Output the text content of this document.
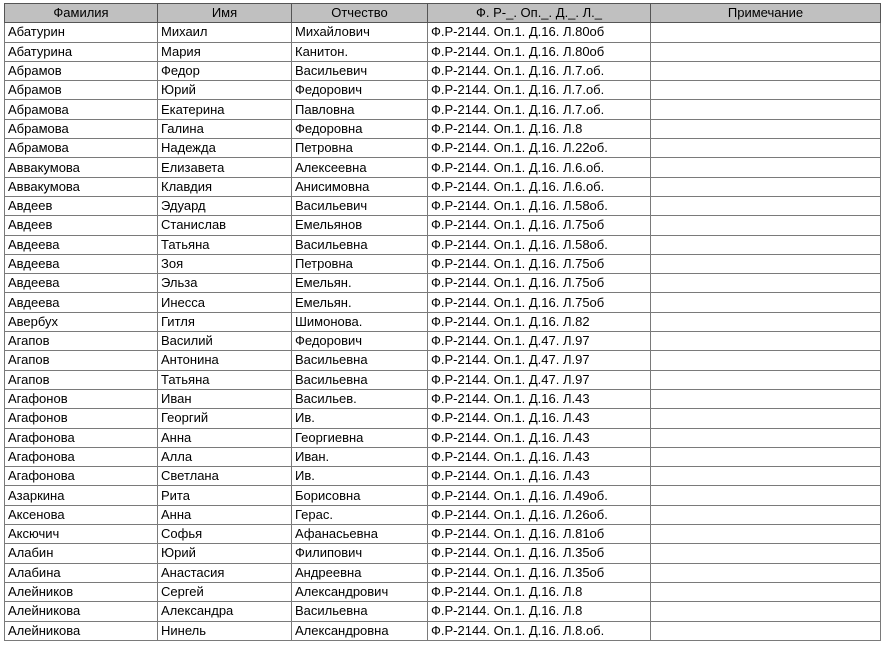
Фамилия	Имя	Отчество	Ф. Р-_. Оп._. Д._. Л._	Примечание
Абатурин	Михаил	Михайлович	Ф.Р-2144. Оп.1. Д.16. Л.80об	
Абатурина	Мария	Канитон.	Ф.Р-2144. Оп.1. Д.16. Л.80об	
Абрамов	Федор	Васильевич	Ф.Р-2144. Оп.1. Д.16. Л.7.об.	
Абрамов	Юрий	Федорович	Ф.Р-2144. Оп.1. Д.16. Л.7.об.	
Абрамова	Екатерина	Павловна	Ф.Р-2144. Оп.1. Д.16. Л.7.об.	
Абрамова	Галина	Федоровна	Ф.Р-2144. Оп.1. Д.16. Л.8	
Абрамова	Надежда	Петровна	Ф.Р-2144. Оп.1. Д.16. Л.22об.	
Аввакумова	Елизавета	Алексеевна	Ф.Р-2144. Оп.1. Д.16. Л.6.об.	
Аввакумова	Клавдия	Анисимовна	Ф.Р-2144. Оп.1. Д.16. Л.6.об.	
Авдеев	Эдуард	Васильевич	Ф.Р-2144. Оп.1. Д.16. Л.58об.	
Авдеев	Станислав	Емельянов	Ф.Р-2144. Оп.1. Д.16. Л.75об	
Авдеева	Татьяна	Васильевна	Ф.Р-2144. Оп.1. Д.16. Л.58об.	
Авдеева	Зоя	Петровна	Ф.Р-2144. Оп.1. Д.16. Л.75об	
Авдеева	Эльза	Емельян.	Ф.Р-2144. Оп.1. Д.16. Л.75об	
Авдеева	Инесса	Емельян.	Ф.Р-2144. Оп.1. Д.16. Л.75об	
Авербух	Гитля	Шимонова.	Ф.Р-2144. Оп.1. Д.16. Л.82	
Агапов	Василий	Федорович	Ф.Р-2144. Оп.1. Д.47. Л.97	
Агапов	Антонина	Васильевна	Ф.Р-2144. Оп.1. Д.47. Л.97	
Агапов	Татьяна	Васильевна	Ф.Р-2144. Оп.1. Д.47. Л.97	
Агафонов	Иван	Васильев.	Ф.Р-2144. Оп.1. Д.16. Л.43	
Агафонов	Георгий	Ив.	Ф.Р-2144. Оп.1. Д.16. Л.43	
Агафонова	Анна	Георгиевна	Ф.Р-2144. Оп.1. Д.16. Л.43	
Агафонова	Алла	Иван.	Ф.Р-2144. Оп.1. Д.16. Л.43	
Агафонова	Светлана	Ив.	Ф.Р-2144. Оп.1. Д.16. Л.43	
Азаркина	Рита	Борисовна	Ф.Р-2144. Оп.1. Д.16. Л.49об.	
Аксенова	Анна	Герас.	Ф.Р-2144. Оп.1. Д.16. Л.26об.	
Аксючич	Софья	Афанасьевна	Ф.Р-2144. Оп.1. Д.16. Л.81об	
Алабин	Юрий	Филипович	Ф.Р-2144. Оп.1. Д.16. Л.35об	
Алабина	Анастасия	Андреевна	Ф.Р-2144. Оп.1. Д.16. Л.35об	
Алейников	Сергей	Александрович	Ф.Р-2144. Оп.1. Д.16. Л.8	
Алейникова	Александра	Васильевна	Ф.Р-2144. Оп.1. Д.16. Л.8	
Алейникова	Нинель	Александровна	Ф.Р-2144. Оп.1. Д.16. Л.8.об.	
